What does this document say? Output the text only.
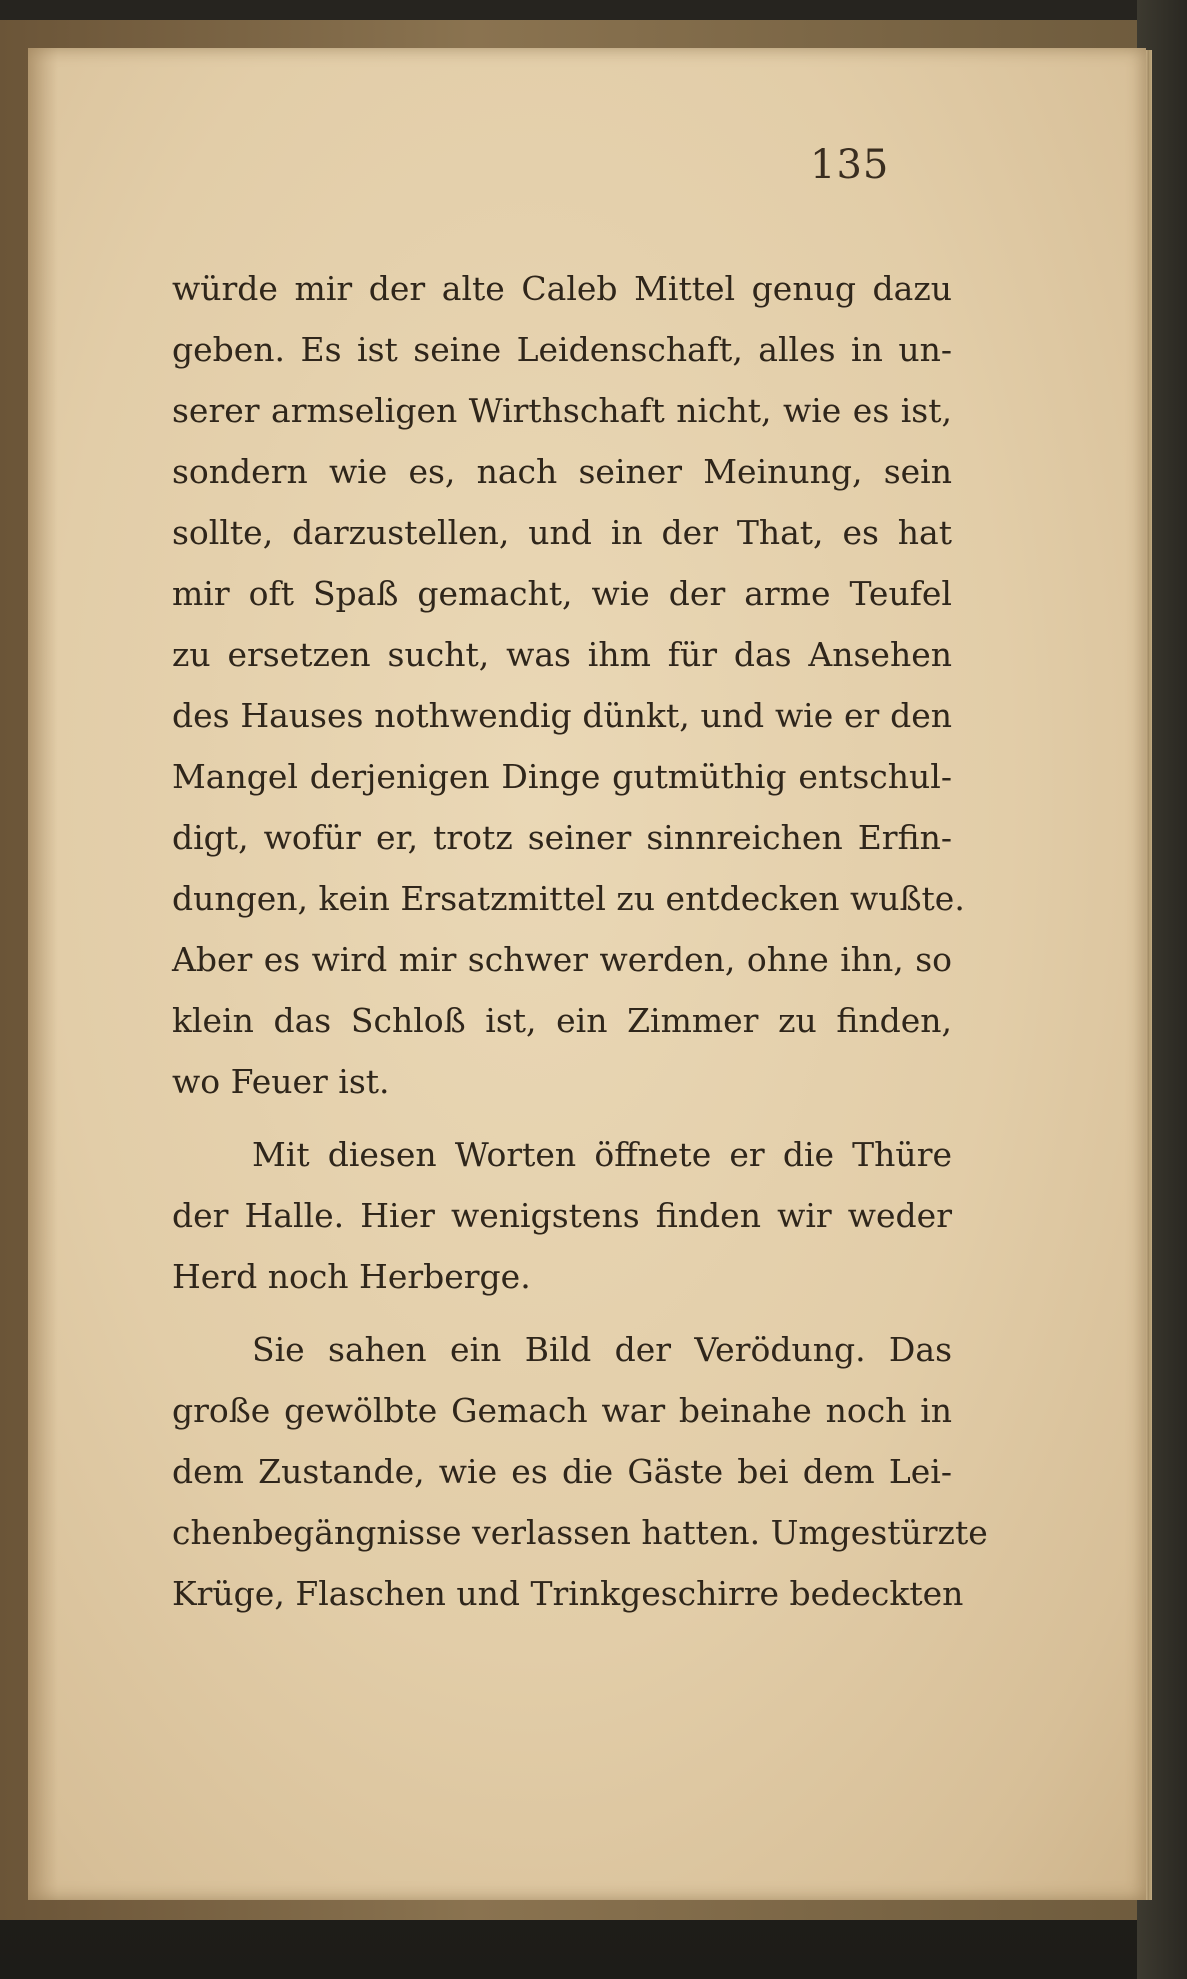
135
würde mir der alte Caleb Mittel genug dazu
geben. Es ist seine Leidenschaft, alles in un-
serer armseligen Wirthschaft nicht, wie es ist,
sondern wie es, nach seiner Meinung, sein
sollte, darzustellen, und in der That, es hat
mir oft Spaß gemacht, wie der arme Teufel
zu ersetzen sucht, was ihm für das Ansehen
des Hauses nothwendig dünkt, und wie er den
Mangel derjenigen Dinge gutmüthig entschul-
digt, wofür er, trotz seiner sinnreichen Erfin-
dungen, kein Ersatzmittel zu entdecken wußte.
Aber es wird mir schwer werden, ohne ihn, so
klein das Schloß ist, ein Zimmer zu finden,
wo Feuer ist.
Mit diesen Worten öffnete er die Thüre
der Halle. Hier wenigstens finden wir weder
Herd noch Herberge.
Sie sahen ein Bild der Verödung. Das
große gewölbte Gemach war beinahe noch in
dem Zustande, wie es die Gäste bei dem Lei-
chenbegängnisse verlassen hatten. Umgestürzte
Krüge, Flaschen und Trinkgeschirre bedeckten
